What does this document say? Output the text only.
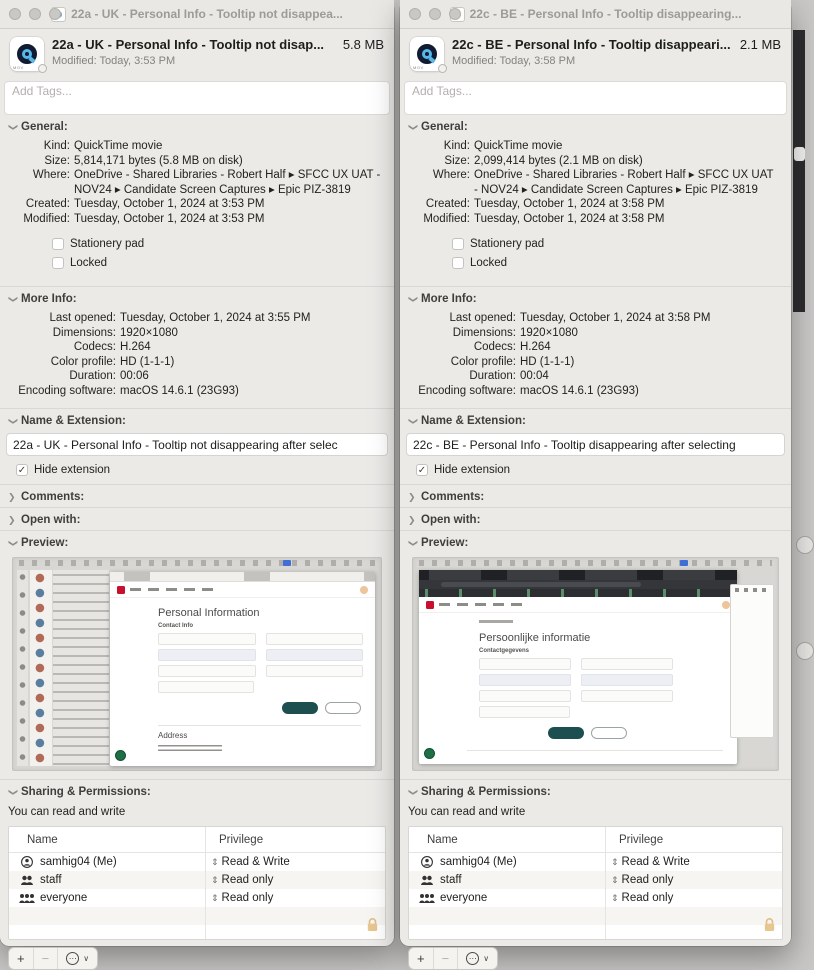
22a - UK - Personal Info - Tooltip not disappea...
MOV
22a - UK - Personal Info - Tooltip not disap...	5.8 MB
Modified: Today, 3:53 PM
Add Tags...
❯ General:
Kind: QuickTime movie
Size: 5,814,171 bytes (5.8 MB on disk)
Where: OneDrive - Shared Libraries - Robert Half ▸ SFCC UX UAT - NOV24 ▸ Candidate Screen Captures ▸ Epic PIZ-3819
Created: Tuesday, October 1, 2024 at 3:53 PM
Modified: Tuesday, October 1, 2024 at 3:53 PM
Stationery pad
Locked
❯ More Info:
Last opened: Tuesday, October 1, 2024 at 3:55 PM
Dimensions: 1920×1080
Codecs: H.264
Color profile: HD (1-1-1)
Duration: 00:06
Encoding software: macOS 14.6.1 (23G93)
❯ Name & Extension:
22a - UK - Personal Info - Tooltip not disappearing after selec
✓
Hide extension
❯ Comments:
❯ Open with:
❯ Preview:
Personal Information
Contact Info
Address
❯ Sharing & Permissions:
You can read and write
Name	Privilege
samhig04 (Me)	⇕ Read & Write
staff	⇕ Read only
everyone	⇕ Read only
+	−	⋯ ∨
22c - BE - Personal Info - Tooltip disappearing...
MOV
22c - BE - Personal Info - Tooltip disappeari... 2.1 MB
Modified: Today, 3:58 PM
Add Tags...
❯ General:
Kind: QuickTime movie
Size: 2,099,414 bytes (2.1 MB on disk)
Where: OneDrive - Shared Libraries - Robert Half ▸ SFCC UX UAT - NOV24 ▸ Candidate Screen Captures ▸ Epic PIZ-3819
Created: Tuesday, October 1, 2024 at 3:58 PM
Modified: Tuesday, October 1, 2024 at 3:58 PM
Stationery pad
Locked
❯ More Info:
Last opened: Tuesday, October 1, 2024 at 3:58 PM
Dimensions: 1920×1080
Codecs: H.264
Color profile: HD (1-1-1)
Duration: 00:04
Encoding software: macOS 14.6.1 (23G93)
❯ Name & Extension:
22c - BE - Personal Info - Tooltip disappearing after selecting
✓
Hide extension
❯ Comments:
❯ Open with:
❯ Preview:
Persoonlijke informatie
Contactgegevens
❯ Sharing & Permissions:
You can read and write
Name	Privilege
samhig04 (Me)	⇕ Read & Write
staff	⇕ Read only
everyone	⇕ Read only
+	−	⋯ ∨
